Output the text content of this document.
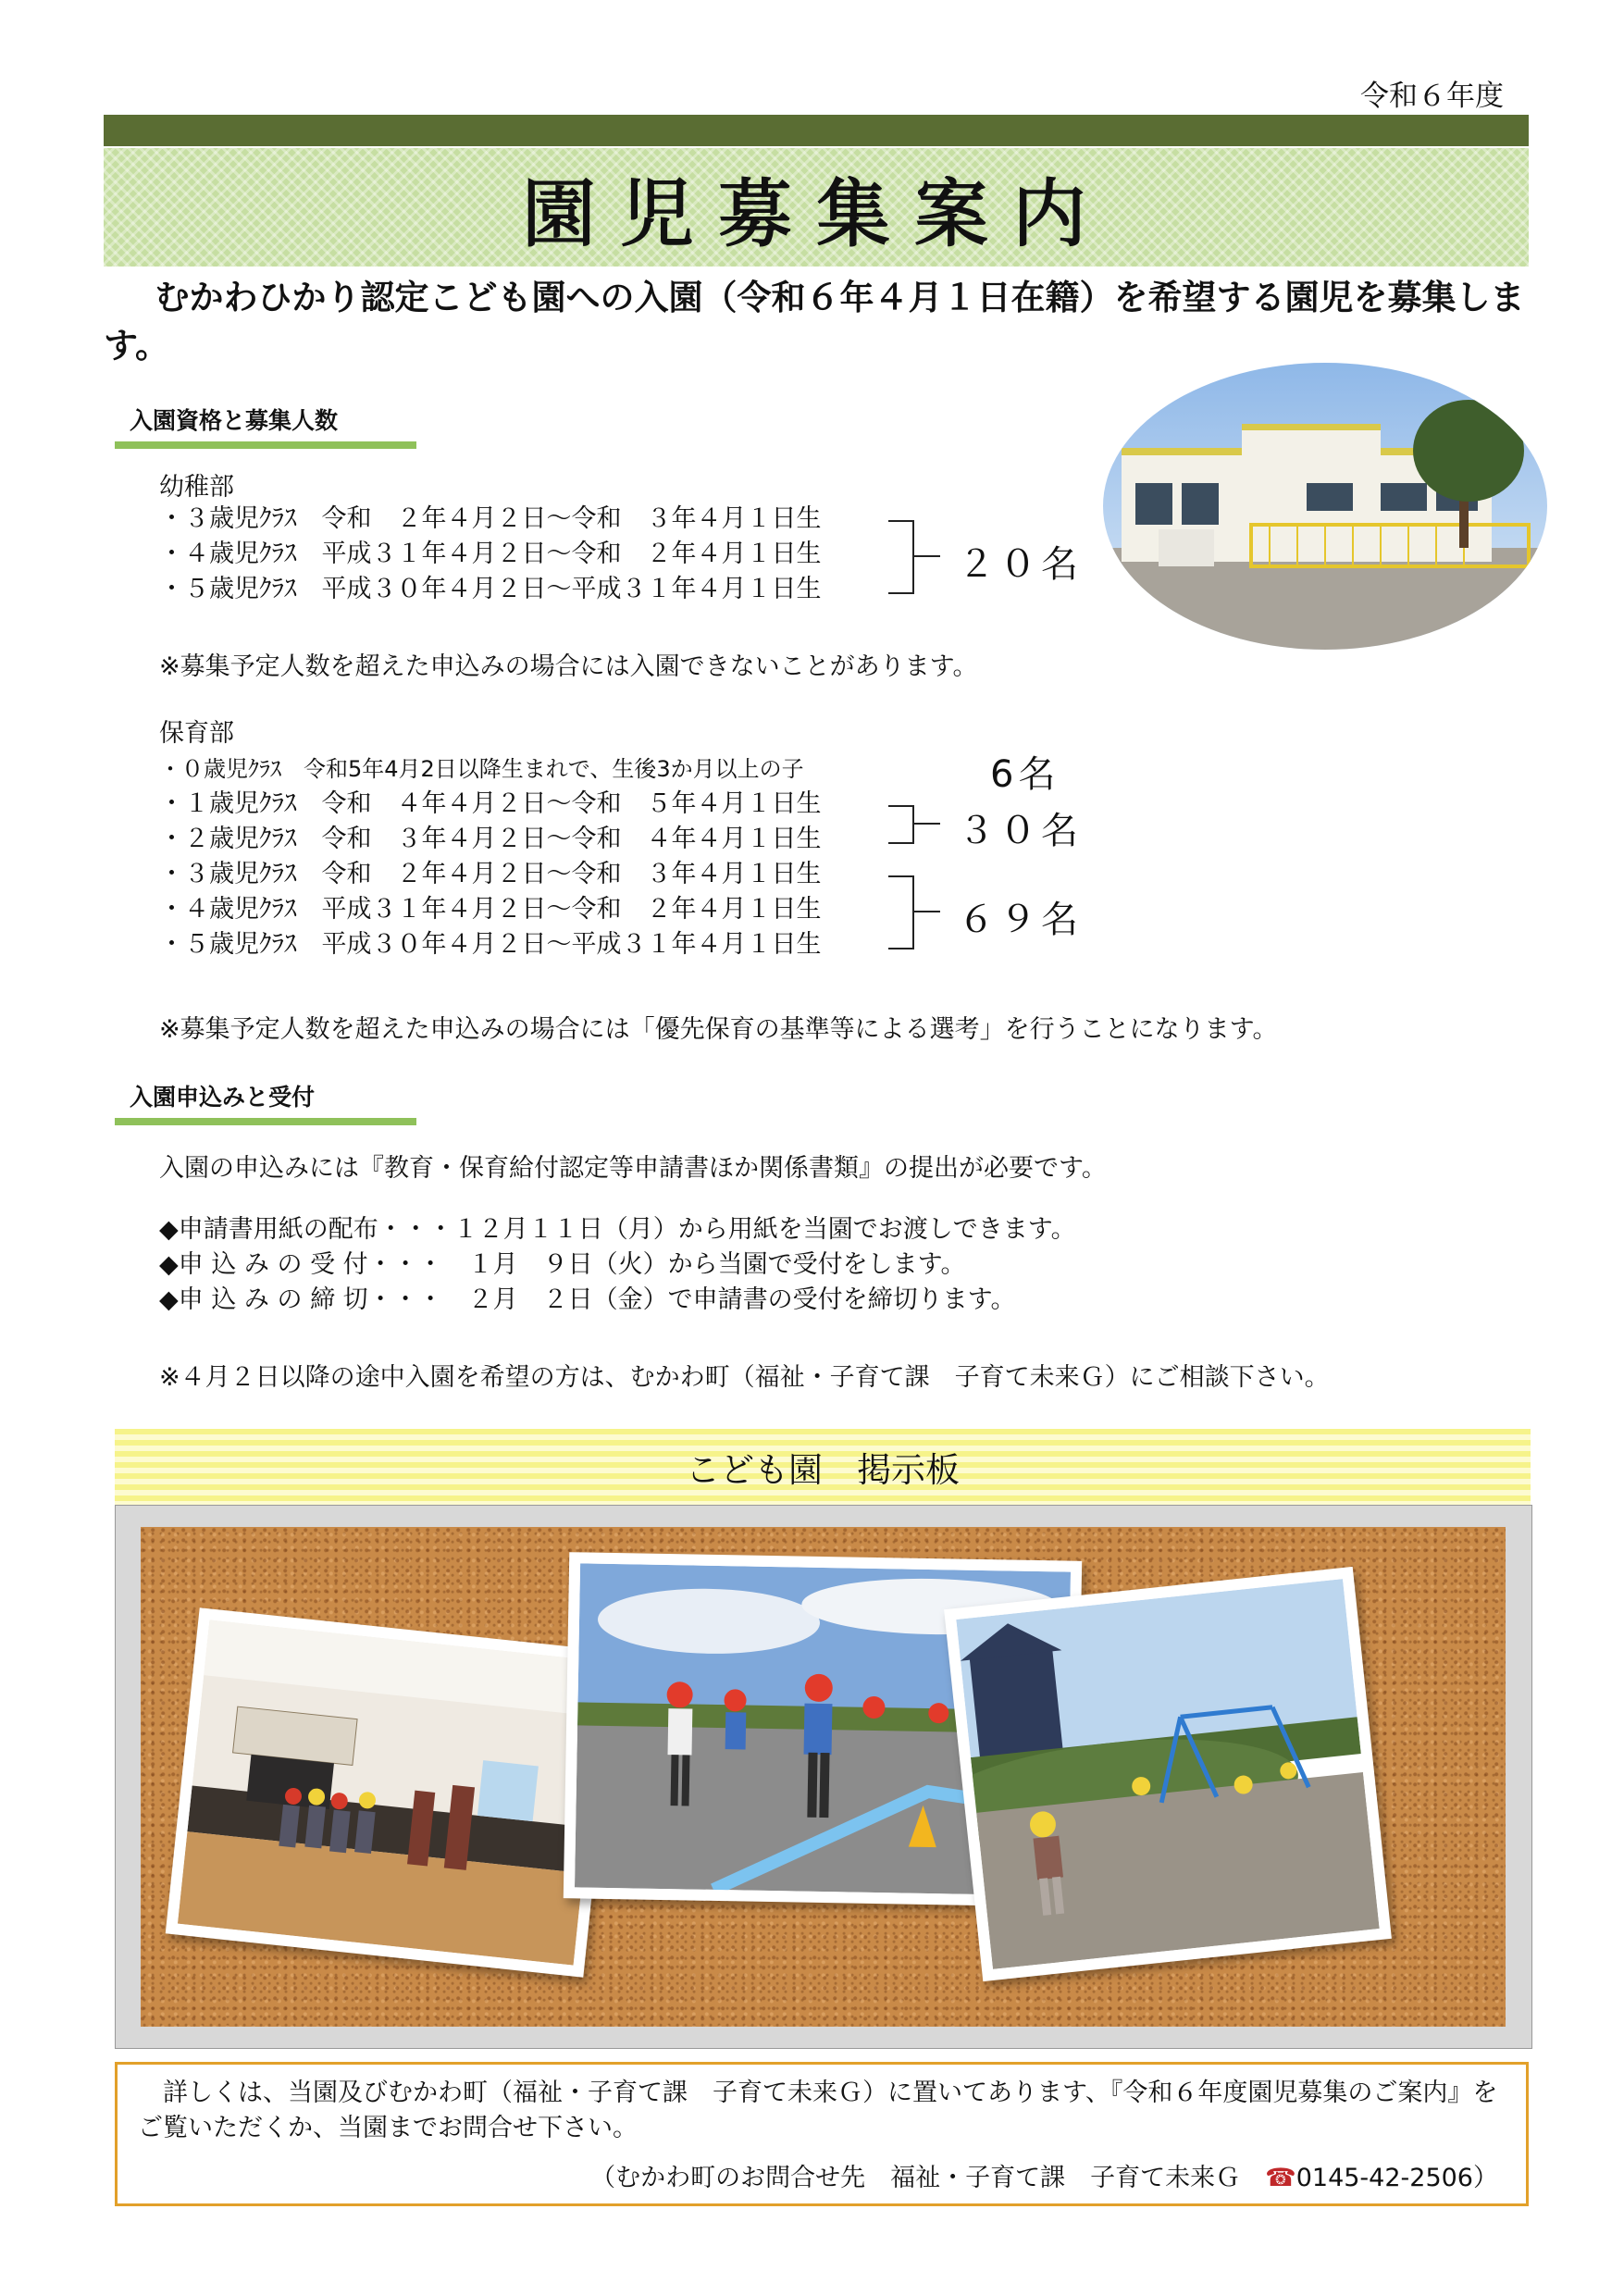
令和６年度
園児募集案内
むかわひかり認定こども園への入園（令和６年４月１日在籍）を希望する園児を募集します。
入園資格と募集人数
幼稚部
・３歳児ｸﾗｽ　 令和　２年４月２日～令和　３年４月１日生
・４歳児ｸﾗｽ　 平成３１年４月２日～令和　２年４月１日生
・５歳児ｸﾗｽ　 平成３０年４月２日～平成３１年４月１日生
２０名
※募集予定人数を超えた申込みの場合には入園できないことがあります。
保育部
・０歳児ｸﾗｽ　 令和5年4月2日以降生まれで、生後3か月以上の子
・１歳児ｸﾗｽ　 令和　４年４月２日～令和　５年４月１日生
・２歳児ｸﾗｽ　 令和　３年４月２日～令和　４年４月１日生
・３歳児ｸﾗｽ　 令和　２年４月２日～令和　３年４月１日生
・４歳児ｸﾗｽ　 平成３１年４月２日～令和　２年４月１日生
・５歳児ｸﾗｽ　 平成３０年４月２日～平成３１年４月１日生
6名
３０名
６９名
※募集予定人数を超えた申込みの場合には「優先保育の基準等による選考」を行うことになります。
入園申込みと受付
入園の申込みには『教育・保育給付認定等申請書ほか関係書類』の提出が必要です。
◆申請書用紙の配布・・・１２月１１日（月）から用紙を当園でお渡しできます。
◆申 込 み の 受 付・・・　１月　９日（火）から当園で受付をします。
◆申 込 み の 締 切・・・　２月　２日（金）で申請書の受付を締切ります。
※４月２日以降の途中入園を希望の方は、むかわ町（福祉・子育て課　子育て未来Ｇ）にご相談下さい。
こども園　掲示板
　詳しくは、当園及びむかわ町（福祉・子育て課　子育て未来Ｇ）に置いてあります、『令和６年度園児募集のご案内』をご覧いただくか、当園までお問合せ下さい。
（むかわ町のお問合せ先　福祉・子育て課　子育て未来Ｇ　☎0145-42-2506）
